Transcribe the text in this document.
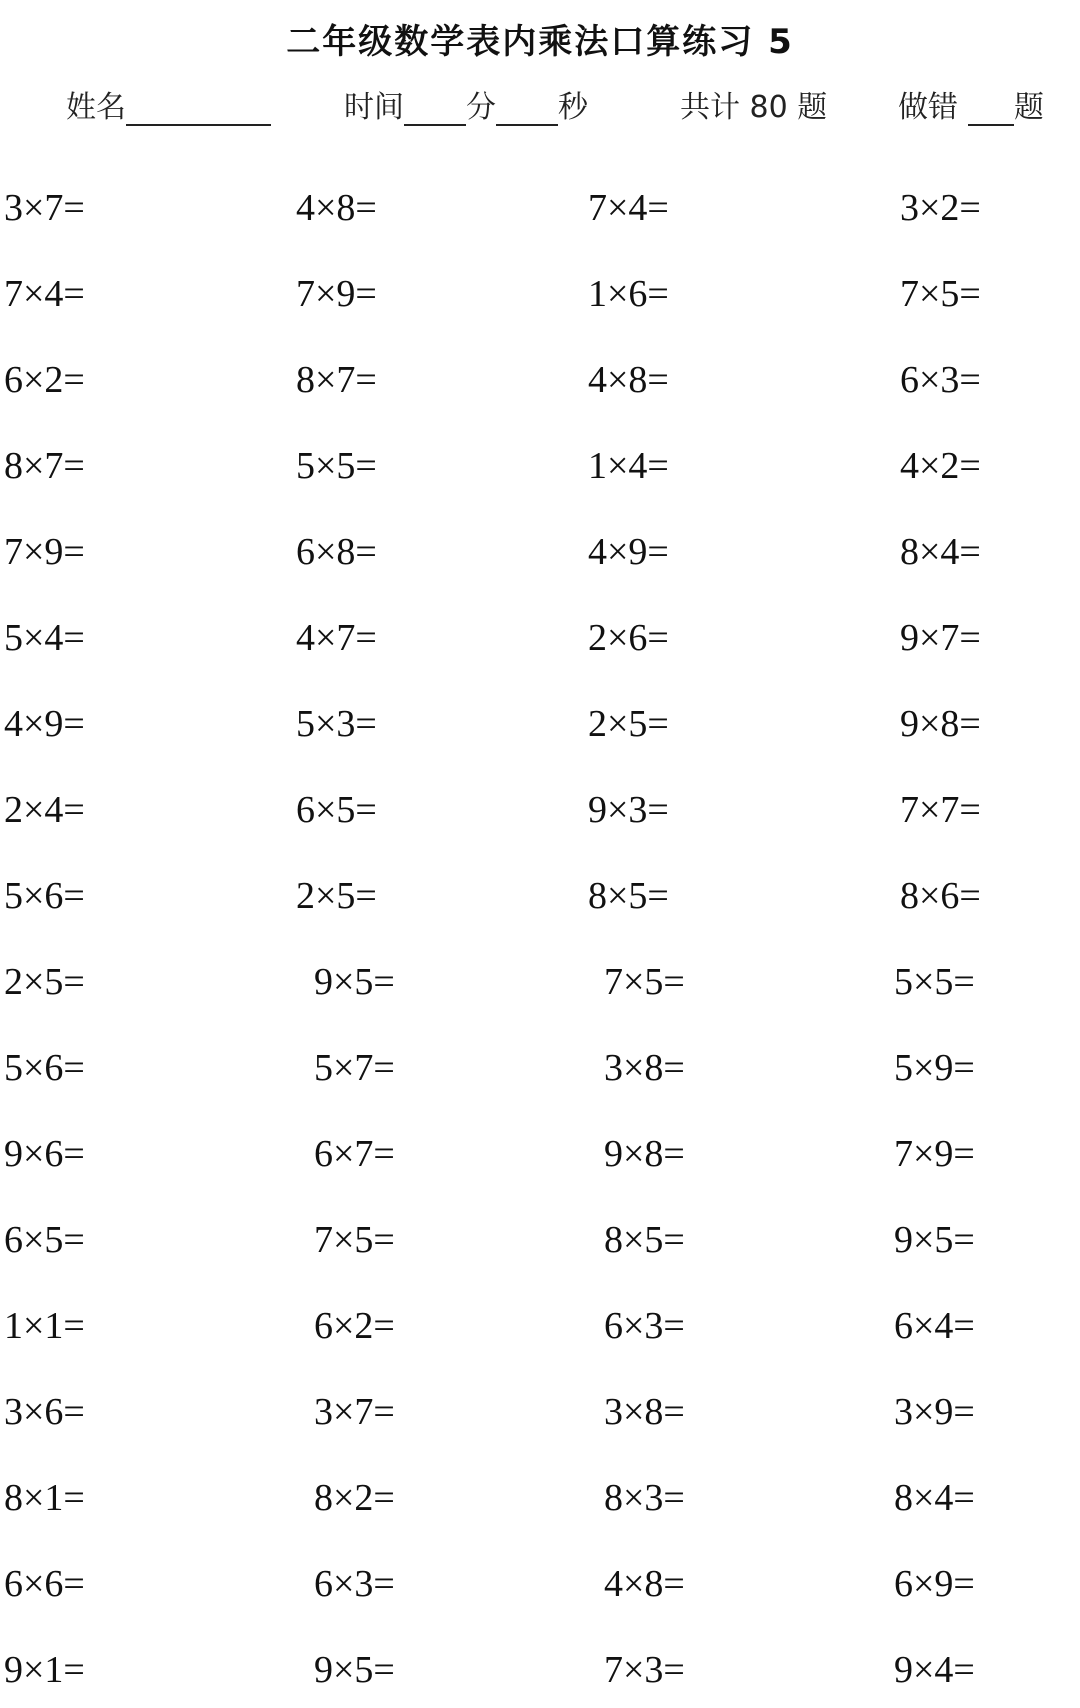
二年级数学表内乘法口算练习 5
姓名	时间 分 秒	共计 80 题 做错 题
3×7=	4×8=	7×4=	3×2=
7×4=	7×9=	1×6=	7×5=
6×2=	8×7=	4×8=	6×3=
8×7=	5×5=	1×4=	4×2=
7×9=	6×8=	4×9=	8×4=
5×4=	4×7=	2×6=	9×7=
4×9=	5×3=	2×5=	9×8=
2×4=	6×5=	9×3=	7×7=
5×6=	2×5=	8×5=	8×6=
2×5=	9×5=	7×5=	5×5=
5×6=	5×7=	3×8=	5×9=
9×6=	6×7=	9×8=	7×9=
6×5=	7×5=	8×5=	9×5=
1×1=	6×2=	6×3=	6×4=
3×6=	3×7=	3×8=	3×9=
8×1=	8×2=	8×3=	8×4=
6×6=	6×3=	4×8=	6×9=
9×1=	9×5=	7×3=	9×4=
